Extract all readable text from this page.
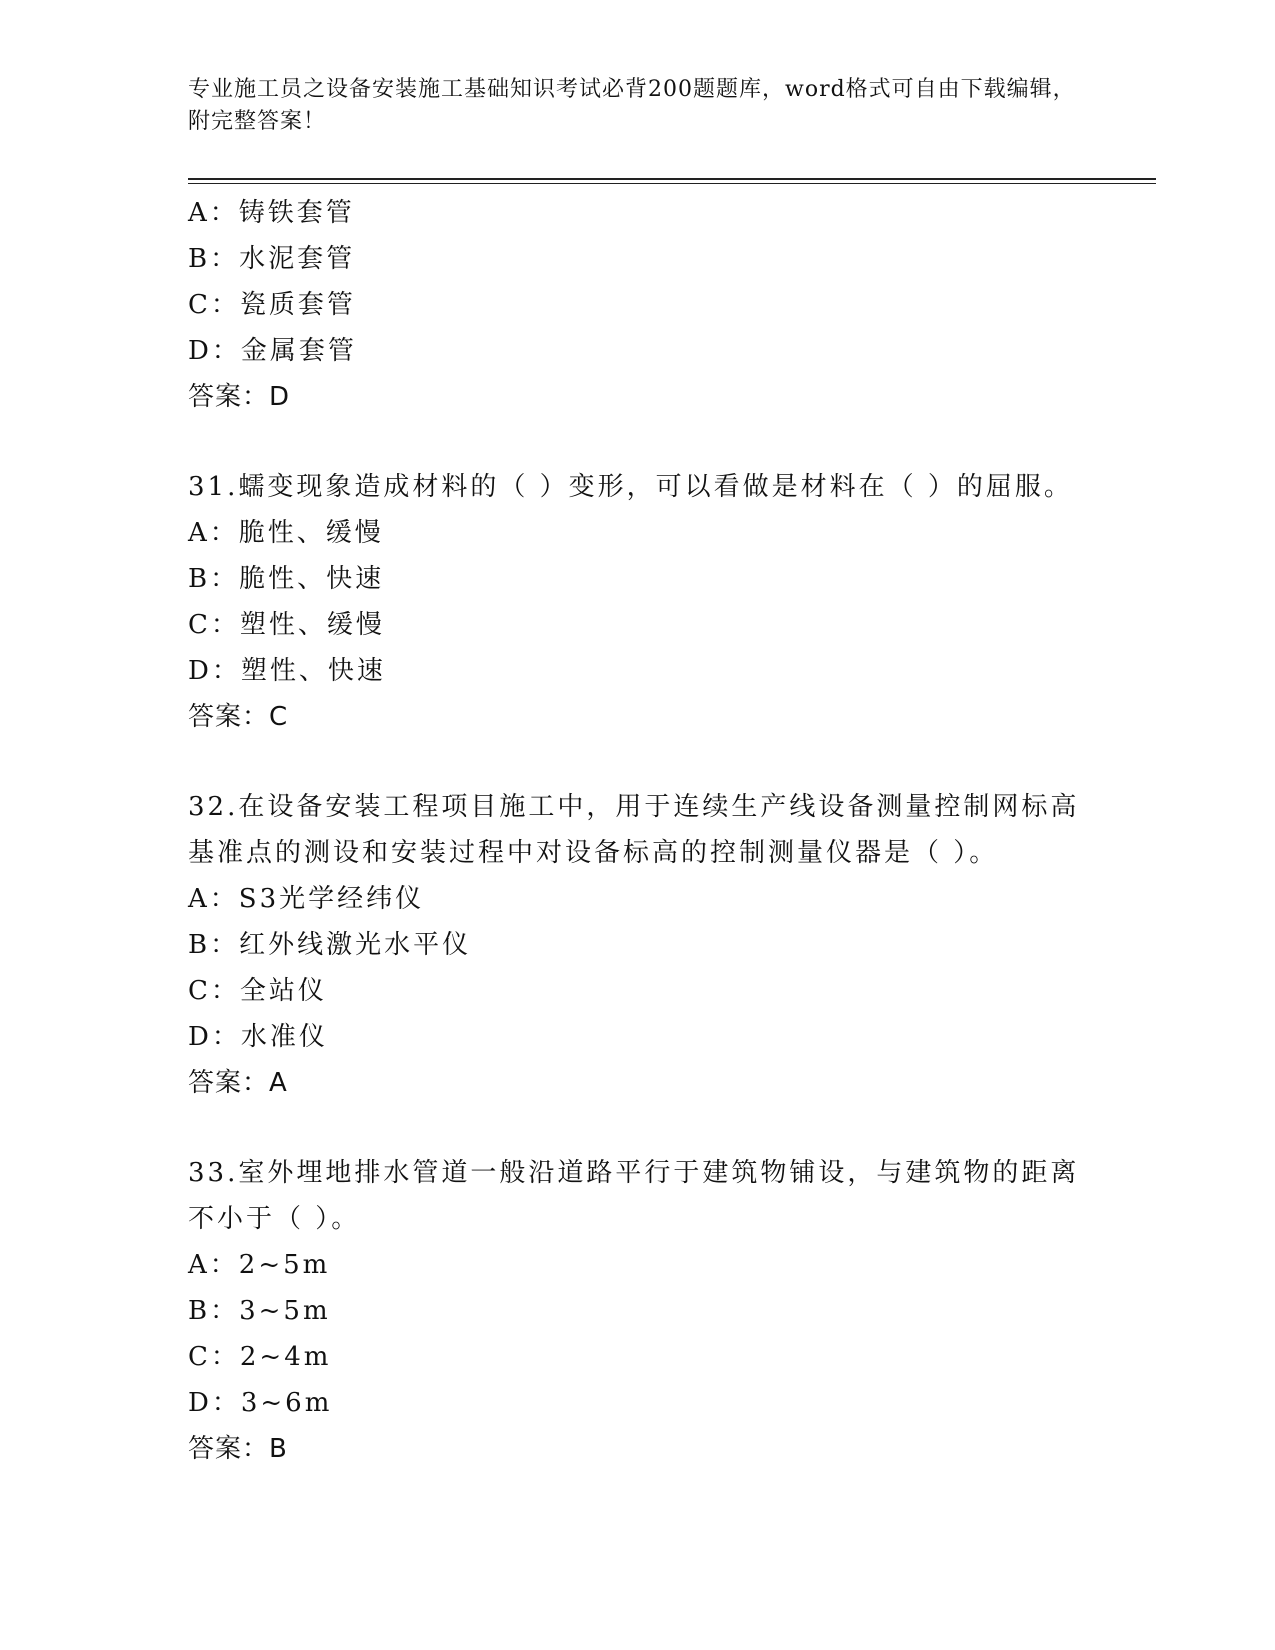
专业施工员之设备安装施工基础知识考试必背200题题库，word格式可自由下载编辑，附完整答案！
A：铸铁套管
B：水泥套管
C：瓷质套管
D：金属套管
答案：D
31.蠕变现象造成材料的（ ）变形，可以看做是材料在（ ）的屈服。
A：脆性、缓慢
B：脆性、快速
C：塑性、缓慢
D：塑性、快速
答案：C
32.在设备安装工程项目施工中，用于连续生产线设备测量控制网标高
基准点的测设和安装过程中对设备标高的控制测量仪器是（ ）。
A：S3光学经纬仪
B：红外线激光水平仪
C：全站仪
D：水准仪
答案：A
33.室外埋地排水管道一般沿道路平行于建筑物铺设，与建筑物的距离
不小于（ ）。
A：2~5m
B：3~5m
C：2~4m
D：3~6m
答案：B
